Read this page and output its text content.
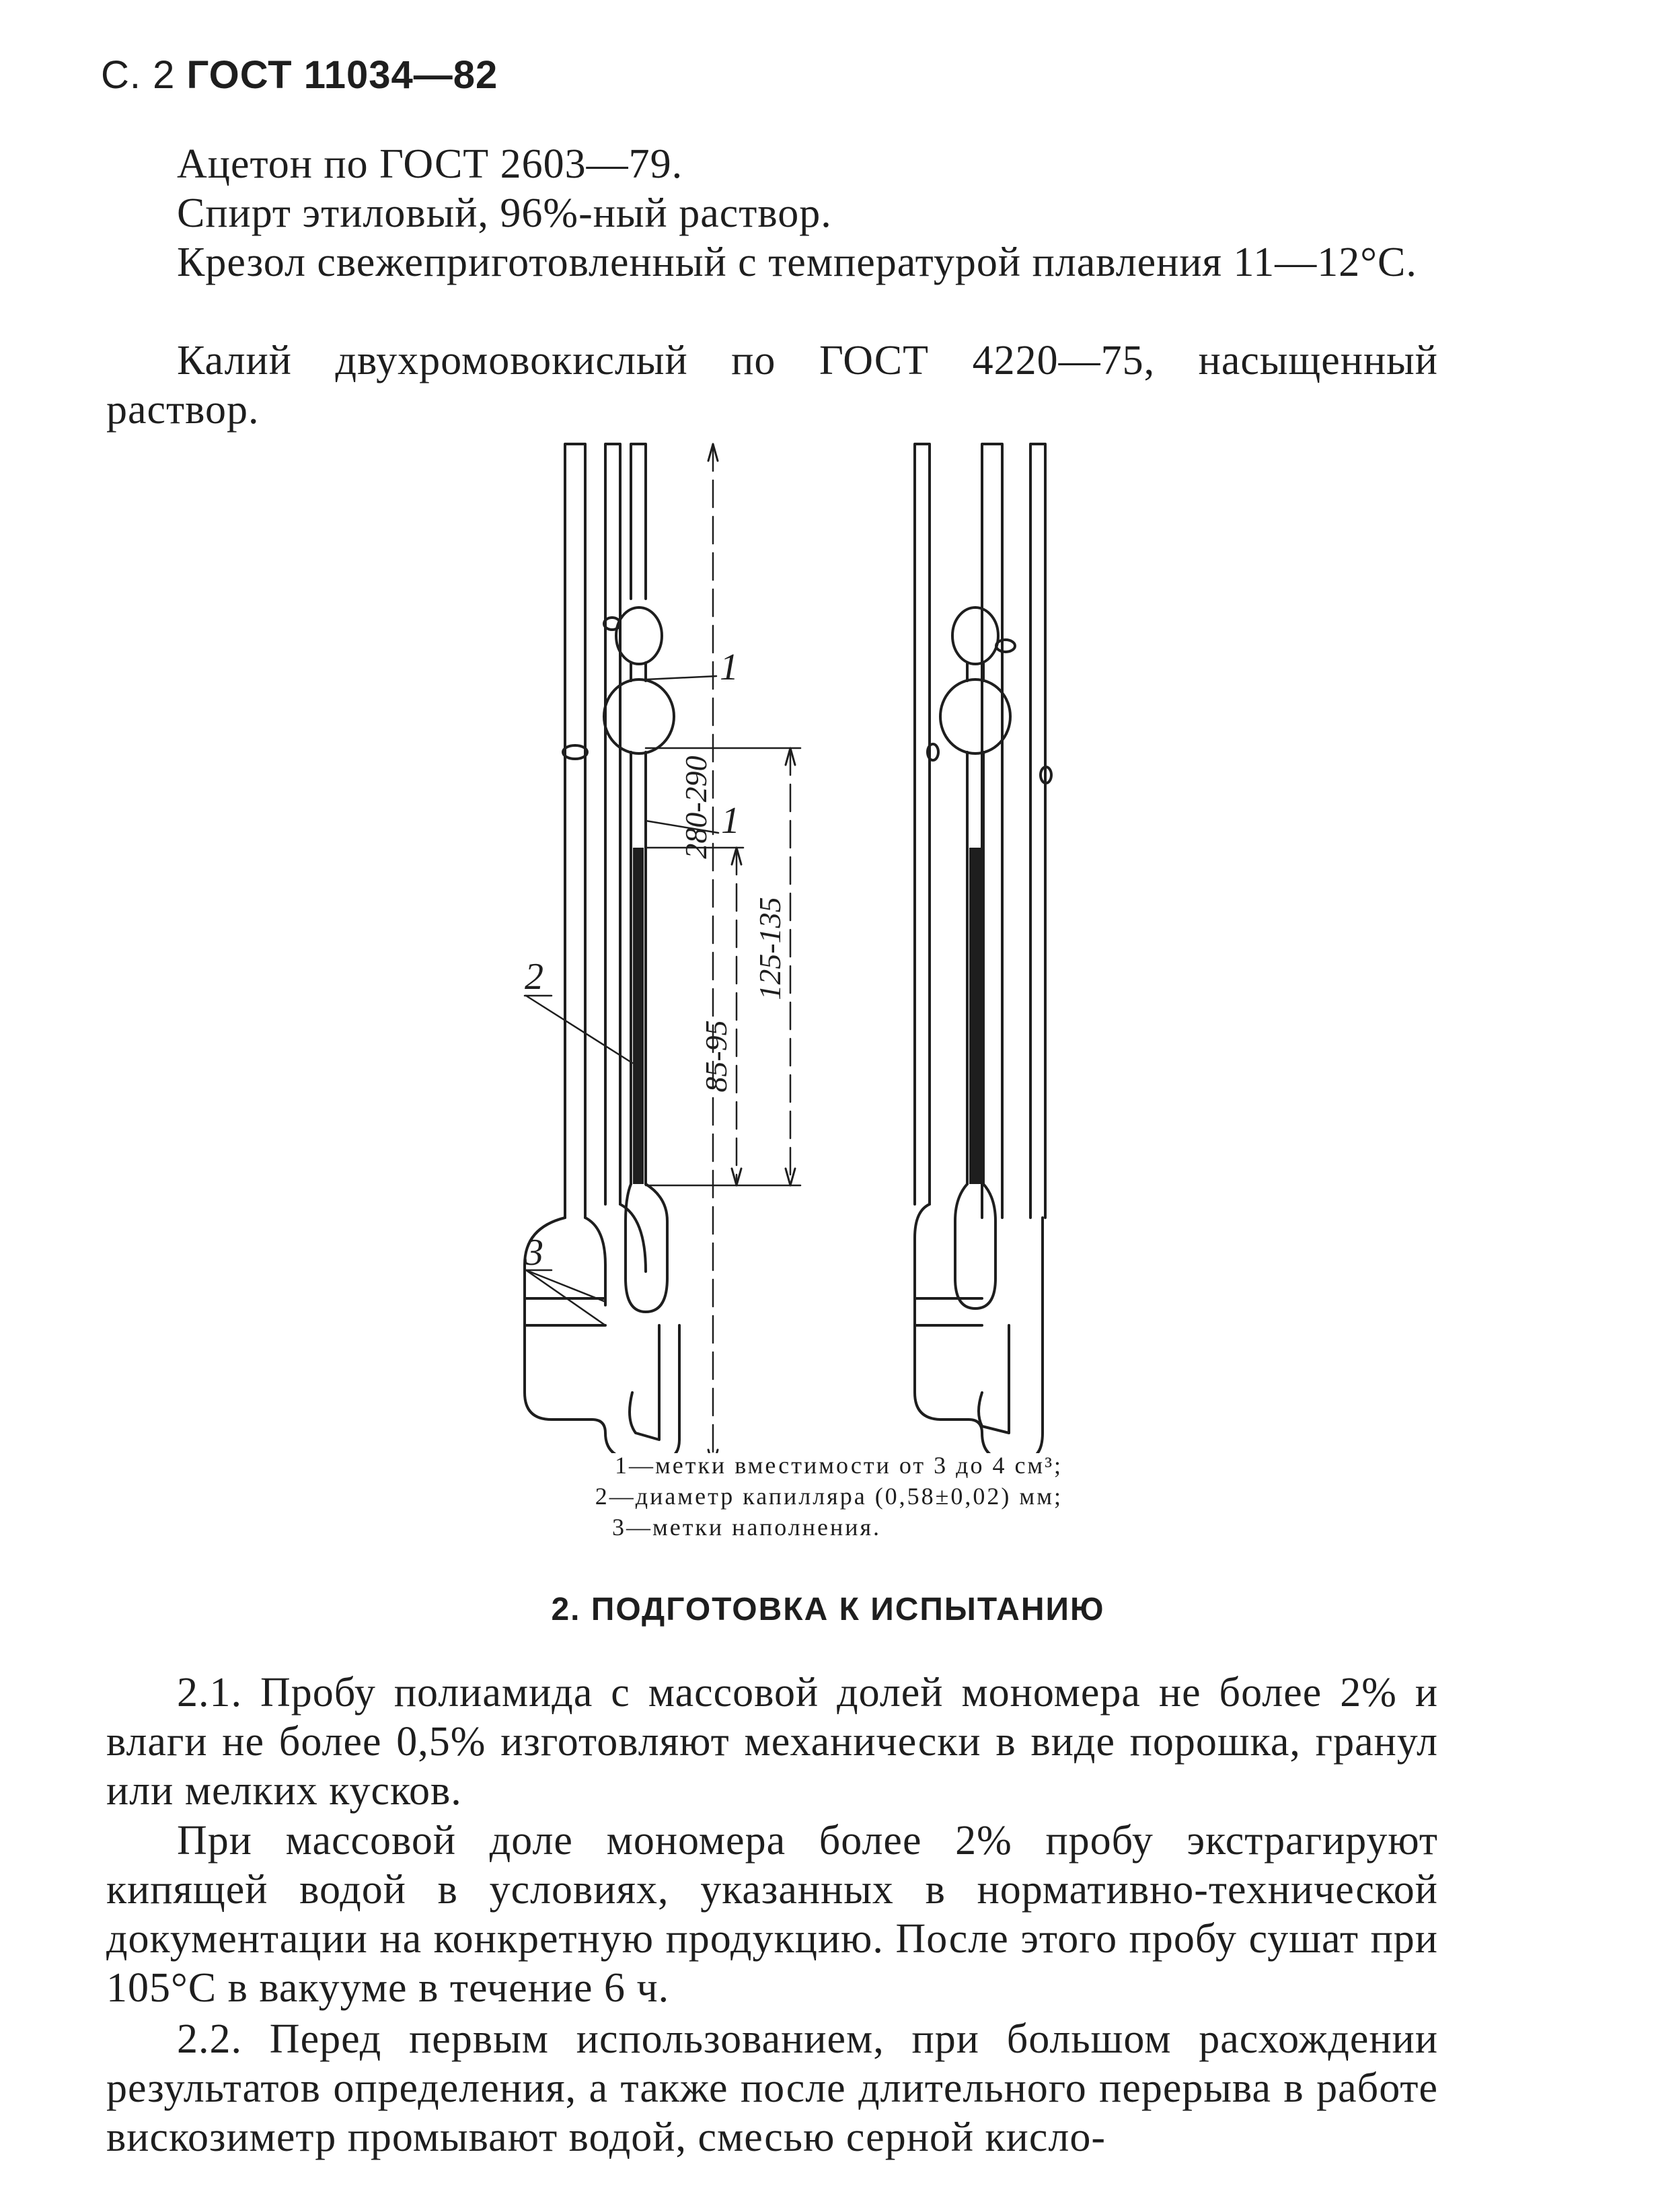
С. 2 ГОСТ 11034—82
Ацетон по ГОСТ 2603—79.
Спирт этиловый, 96%-ный раствор.
Крезол свежеприготовленный с температурой плавления 11—12°С.
Калий двухромовокислый по ГОСТ 4220—75, насыщенный раствор.
1
1
2
3
85-95
125-135
280-290
1—метки вместимости от 3 до 4 см³;
2—диаметр капилляра (0,58±0,02) мм;
3—метки наполнения.
2. ПОДГОТОВКА К ИСПЫТАНИЮ
2.1. Пробу полиамида с массовой долей мономера не более 2% и влаги не более 0,5% изготовляют механически в виде порошка, гранул или мелких кусков.
При массовой доле мономера более 2% пробу экстрагируют кипящей водой в условиях, указанных в нормативно-технической документации на конкретную продукцию. После этого пробу сушат при 105°С в вакууме в течение 6 ч.
2.2. Перед первым использованием, при большом расхождении результатов определения, а также после длительного перерыва в работе вискозиметр промывают водой, смесью серной кисло-
